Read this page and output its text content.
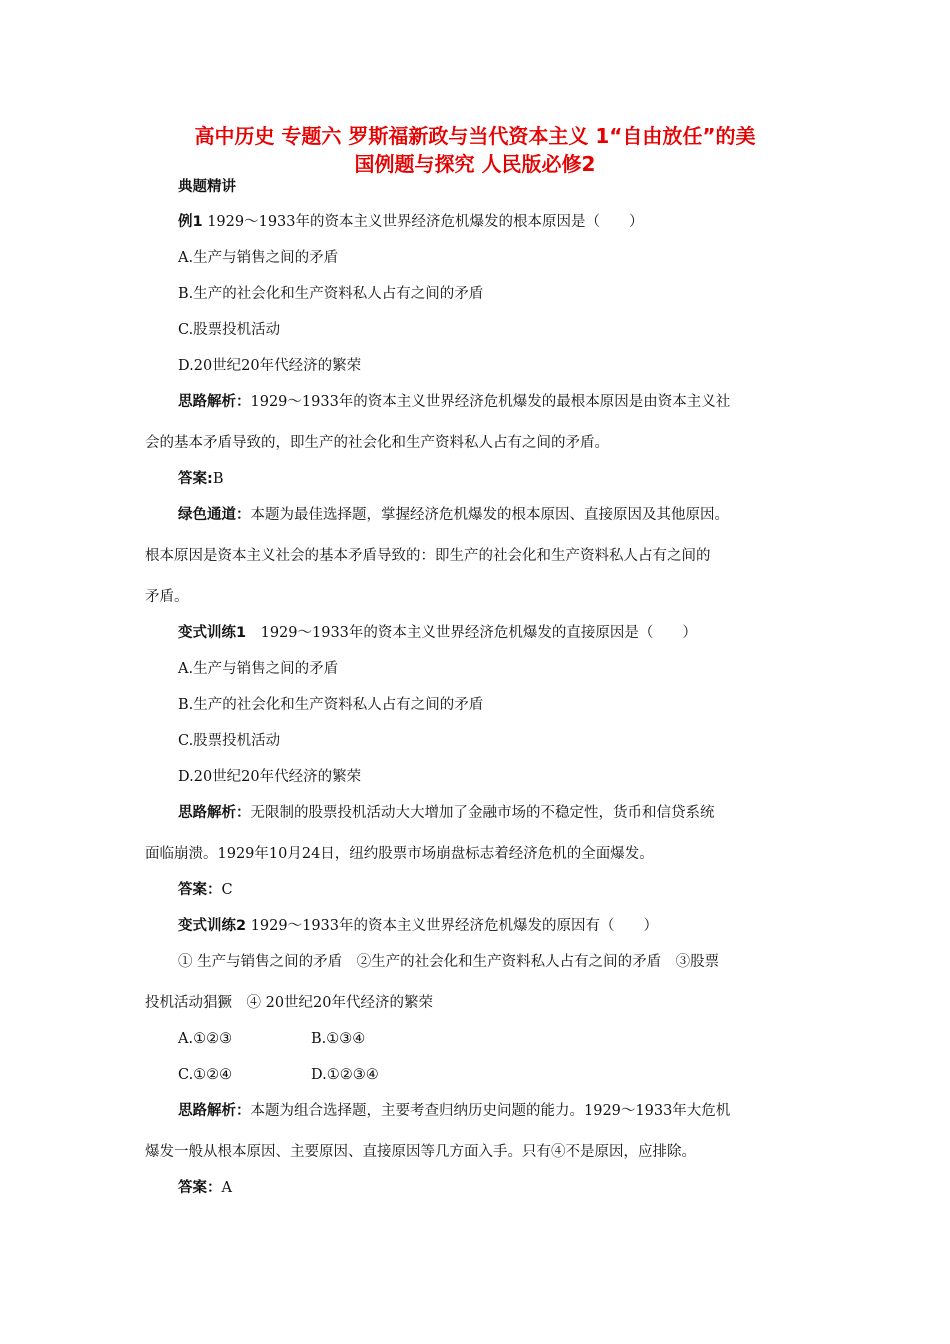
高中历史 专题六 罗斯福新政与当代资本主义 1“自由放任”的美
国例题与探究 人民版必修2
典题精讲
例1 1929～1933年的资本主义世界经济危机爆发的根本原因是（　　）
A.生产与销售之间的矛盾
B.生产的社会化和生产资料私人占有之间的矛盾
C.股票投机活动
D.20世纪20年代经济的繁荣
思路解析：1929～1933年的资本主义世界经济危机爆发的最根本原因是由资本主义社
会的基本矛盾导致的，即生产的社会化和生产资料私人占有之间的矛盾。
答案:B
绿色通道：本题为最佳选择题，掌握经济危机爆发的根本原因、直接原因及其他原因。
根本原因是资本主义社会的基本矛盾导致的：即生产的社会化和生产资料私人占有之间的
矛盾。
变式训练1　1929～1933年的资本主义世界经济危机爆发的直接原因是（　　）
A.生产与销售之间的矛盾
B.生产的社会化和生产资料私人占有之间的矛盾
C.股票投机活动
D.20世纪20年代经济的繁荣
思路解析：无限制的股票投机活动大大增加了金融市场的不稳定性，货币和信贷系统
面临崩溃。1929年10月24日，纽约股票市场崩盘标志着经济危机的全面爆发。
答案：C
变式训练2 1929～1933年的资本主义世界经济危机爆发的原因有（　　）
① 生产与销售之间的矛盾　②生产的社会化和生产资料私人占有之间的矛盾　③股票
投机活动猖獗　④ 20世纪20年代经济的繁荣
A.①②③	B.①③④
C.①②④	D.①②③④
思路解析：本题为组合选择题，主要考查归纳历史问题的能力。1929～1933年大危机
爆发一般从根本原因、主要原因、直接原因等几方面入手。只有④不是原因，应排除。
答案：A
